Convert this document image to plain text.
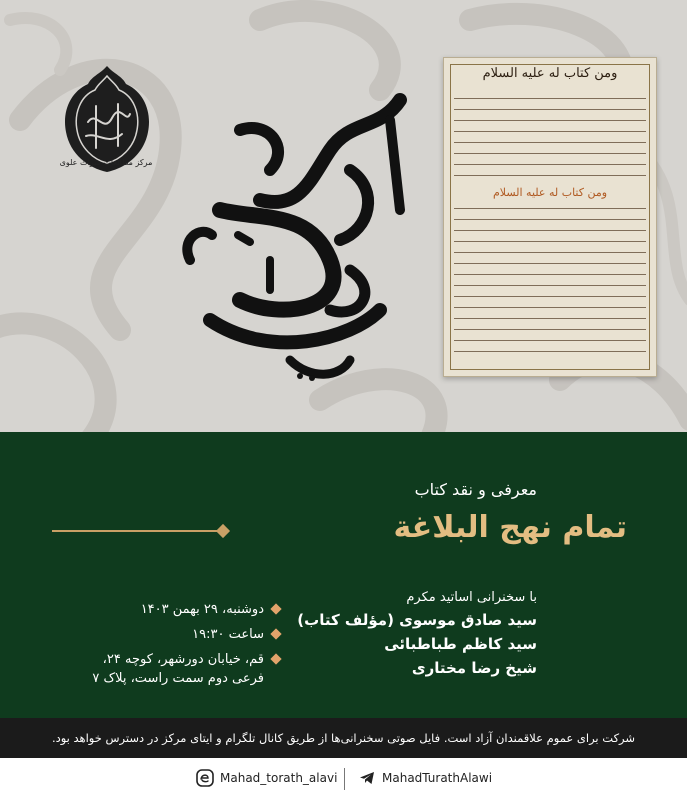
مرکز مطالعات میراث علوی
ومن کتاب له علیه السلام
ومن کتاب له علیه السلام
معرفی و نقد کتاب
تمام نهج البلاغة
با سخنرانی اساتید مکرم
سید صادق موسوی (مؤلف کتاب)
سید کاظم طباطبائی
شیخ رضا مختاری
دوشنبه، ۲۹ بهمن ۱۴۰۳
ساعت ۱۹:۳۰
قم، خیابان دورشهر، کوچه ۲۴، فرعی دوم سمت راست، پلاک ۷
شرکت برای عموم علاقمندان آزاد است. فایل صوتی سخنرانی‌ها از طریق کانال تلگرام و ایتای مرکز در دسترس خواهد بود.
Mahad_torath_alavi	MahadTurathAlawi
